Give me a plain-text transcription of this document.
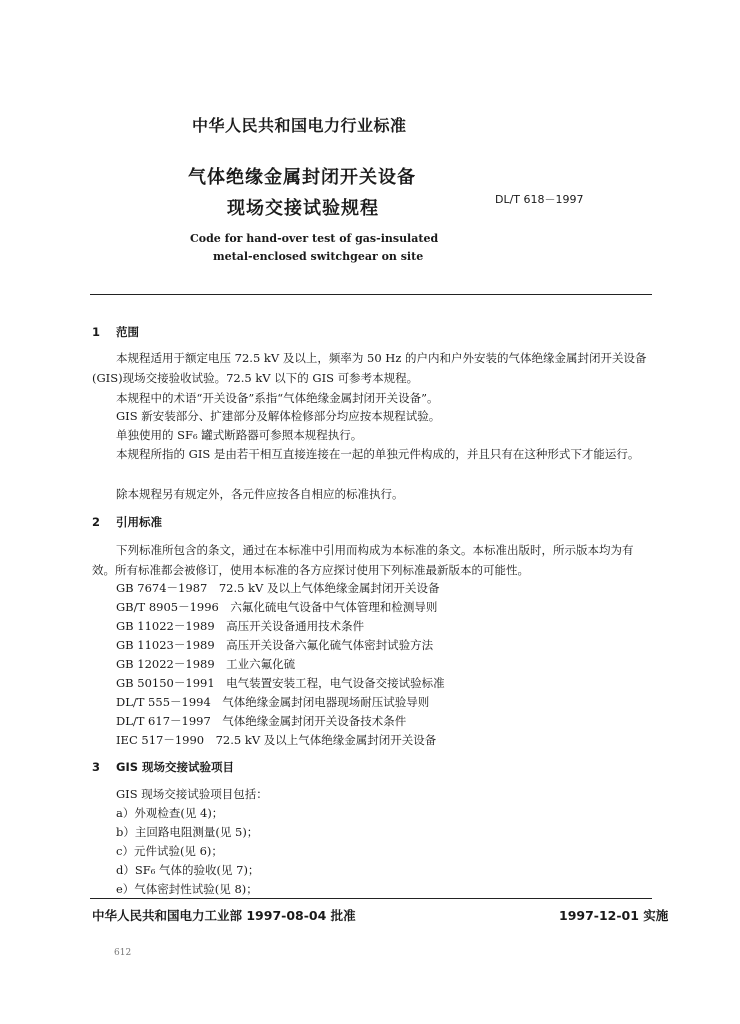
中华人民共和国电力行业标准
气体绝缘金属封闭开关设备
现场交接试验规程	DL/T 618－1997
Code for hand-over test of gas-insulated
metal-enclosed switchgear on site
1 范围
本规程适用于额定电压 72.5 kV 及以上，频率为 50 Hz 的户内和户外安装的气体绝缘金属封闭开关设备(GIS)现场交接验收试验。72.5 kV 以下的 GIS 可参考本规程。
本规程中的术语“开关设备”系指“气体绝缘金属封闭开关设备”。
GIS 新安装部分、扩建部分及解体检修部分均应按本规程试验。
单独使用的 SF₆ 罐式断路器可参照本规程执行。
本规程所指的 GIS 是由若干相互直接连接在一起的单独元件构成的，并且只有在这种形式下才能运行。
除本规程另有规定外，各元件应按各自相应的标准执行。
2 引用标准
下列标准所包含的条文，通过在本标准中引用而构成为本标准的条文。本标准出版时，所示版本均为有效。所有标准都会被修订，使用本标准的各方应探讨使用下列标准最新版本的可能性。
GB 7674－1987　72.5 kV 及以上气体绝缘金属封闭开关设备
GB/T 8905－1996　六氟化硫电气设备中气体管理和检测导则
GB 11022－1989　高压开关设备通用技术条件
GB 11023－1989　高压开关设备六氟化硫气体密封试验方法
GB 12022－1989　工业六氟化硫
GB 50150－1991　电气装置安装工程，电气设备交接试验标准
DL/T 555－1994　气体绝缘金属封闭电器现场耐压试验导则
DL/T 617－1997　气体绝缘金属封闭开关设备技术条件
IEC 517－1990　72.5 kV 及以上气体绝缘金属封闭开关设备
3 GIS 现场交接试验项目
GIS 现场交接试验项目包括：
a）外观检查(见 4)；
b）主回路电阻测量(见 5)；
c）元件试验(见 6)；
d）SF₆ 气体的验收(见 7)；
e）气体密封性试验(见 8)；
中华人民共和国电力工业部 1997-08-04 批准	1997-12-01 实施
612
